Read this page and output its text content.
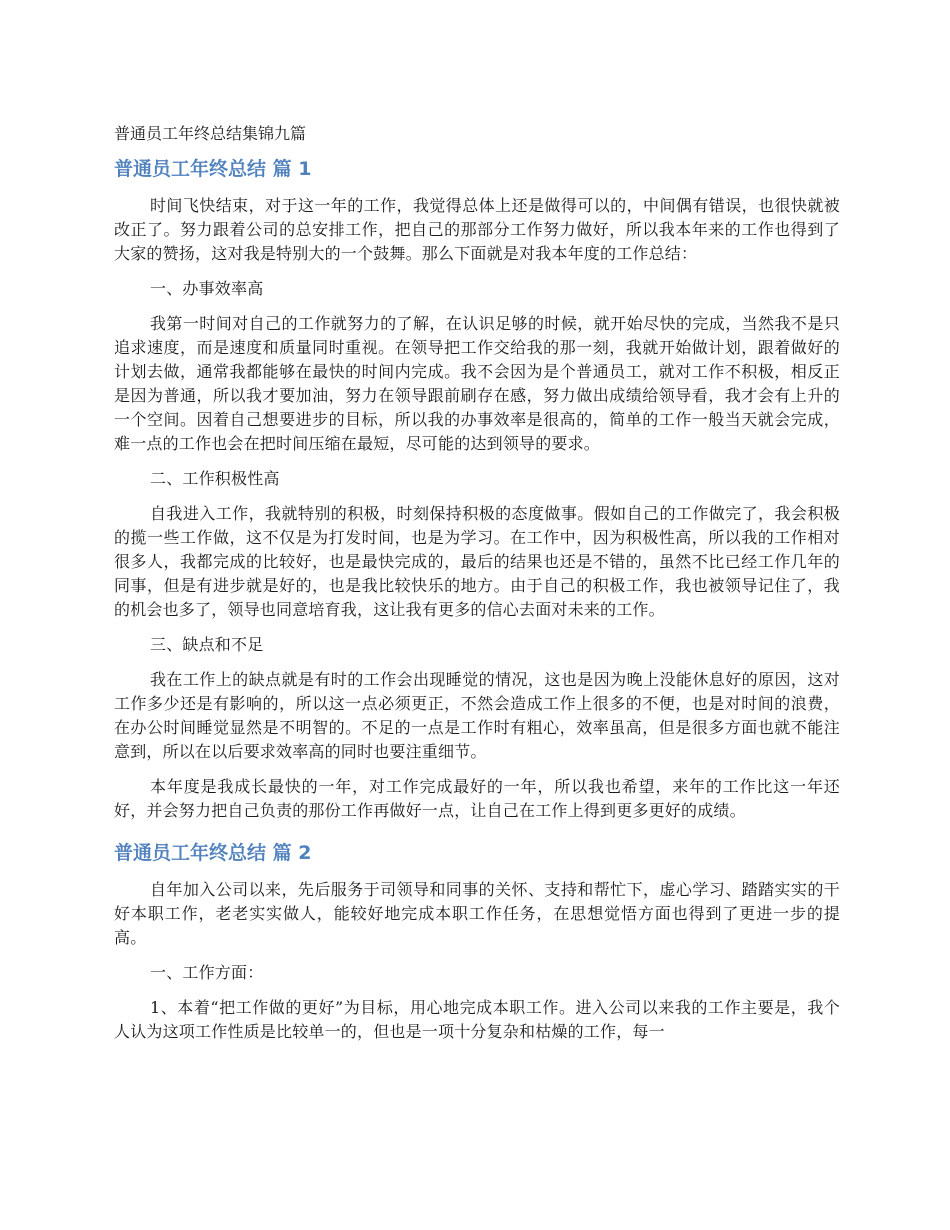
普通员工年终总结集锦九篇
普通员工年终总结 篇 1

时间飞快结束，对于这一年的工作，我觉得总体上还是做得可以的，中间偶有错误，也很快就被改正了。努力跟着公司的总安排工作，把自己的那部分工作努力做好，所以我本年来的工作也得到了大家的赞扬，这对我是特别大的一个鼓舞。那么下面就是对我本年度的工作总结：

一、办事效率高

我第一时间对自己的工作就努力的了解，在认识足够的时候，就开始尽快的完成，当然我不是只追求速度，而是速度和质量同时重视。在领导把工作交给我的那一刻，我就开始做计划，跟着做好的计划去做，通常我都能够在最快的时间内完成。我不会因为是个普通员工，就对工作不积极，相反正是因为普通，所以我才要加油，努力在领导跟前刷存在感，努力做出成绩给领导看，我才会有上升的一个空间。因着自己想要进步的目标，所以我的办事效率是很高的，简单的工作一般当天就会完成，难一点的工作也会在把时间压缩在最短，尽可能的达到领导的要求。

二、工作积极性高

自我进入工作，我就特别的积极，时刻保持积极的态度做事。假如自己的工作做完了，我会积极的揽一些工作做，这不仅是为打发时间，也是为学习。在工作中，因为积极性高，所以我的工作相对很多人，我都完成的比较好，也是最快完成的，最后的结果也还是不错的，虽然不比已经工作几年的同事，但是有进步就是好的，也是我比较快乐的地方。由于自己的积极工作，我也被领导记住了，我的机会也多了，领导也同意培育我，这让我有更多的信心去面对未来的工作。

三、缺点和不足

我在工作上的缺点就是有时的工作会出现睡觉的情况，这也是因为晚上没能休息好的原因，这对工作多少还是有影响的，所以这一点必须更正，不然会造成工作上很多的不便，也是对时间的浪费，在办公时间睡觉显然是不明智的。不足的一点是工作时有粗心，效率虽高，但是很多方面也就不能注意到，所以在以后要求效率高的同时也要注重细节。

本年度是我成长最快的一年，对工作完成最好的一年，所以我也希望，来年的工作比这一年还好，并会努力把自己负责的那份工作再做好一点，让自己在工作上得到更多更好的成绩。

普通员工年终总结 篇 2

自年加入公司以来，先后服务于司领导和同事的关怀、支持和帮忙下，虚心学习、踏踏实实的干好本职工作，老老实实做人，能较好地完成本职工作任务，在思想觉悟方面也得到了更进一步的提高。

一、工作方面：

1、本着“把工作做的更好”为目标，用心地完成本职工作。进入公司以来我的工作主要是，我个人认为这项工作性质是比较单一的，但也是一项十分复杂和枯燥的工作，每一
